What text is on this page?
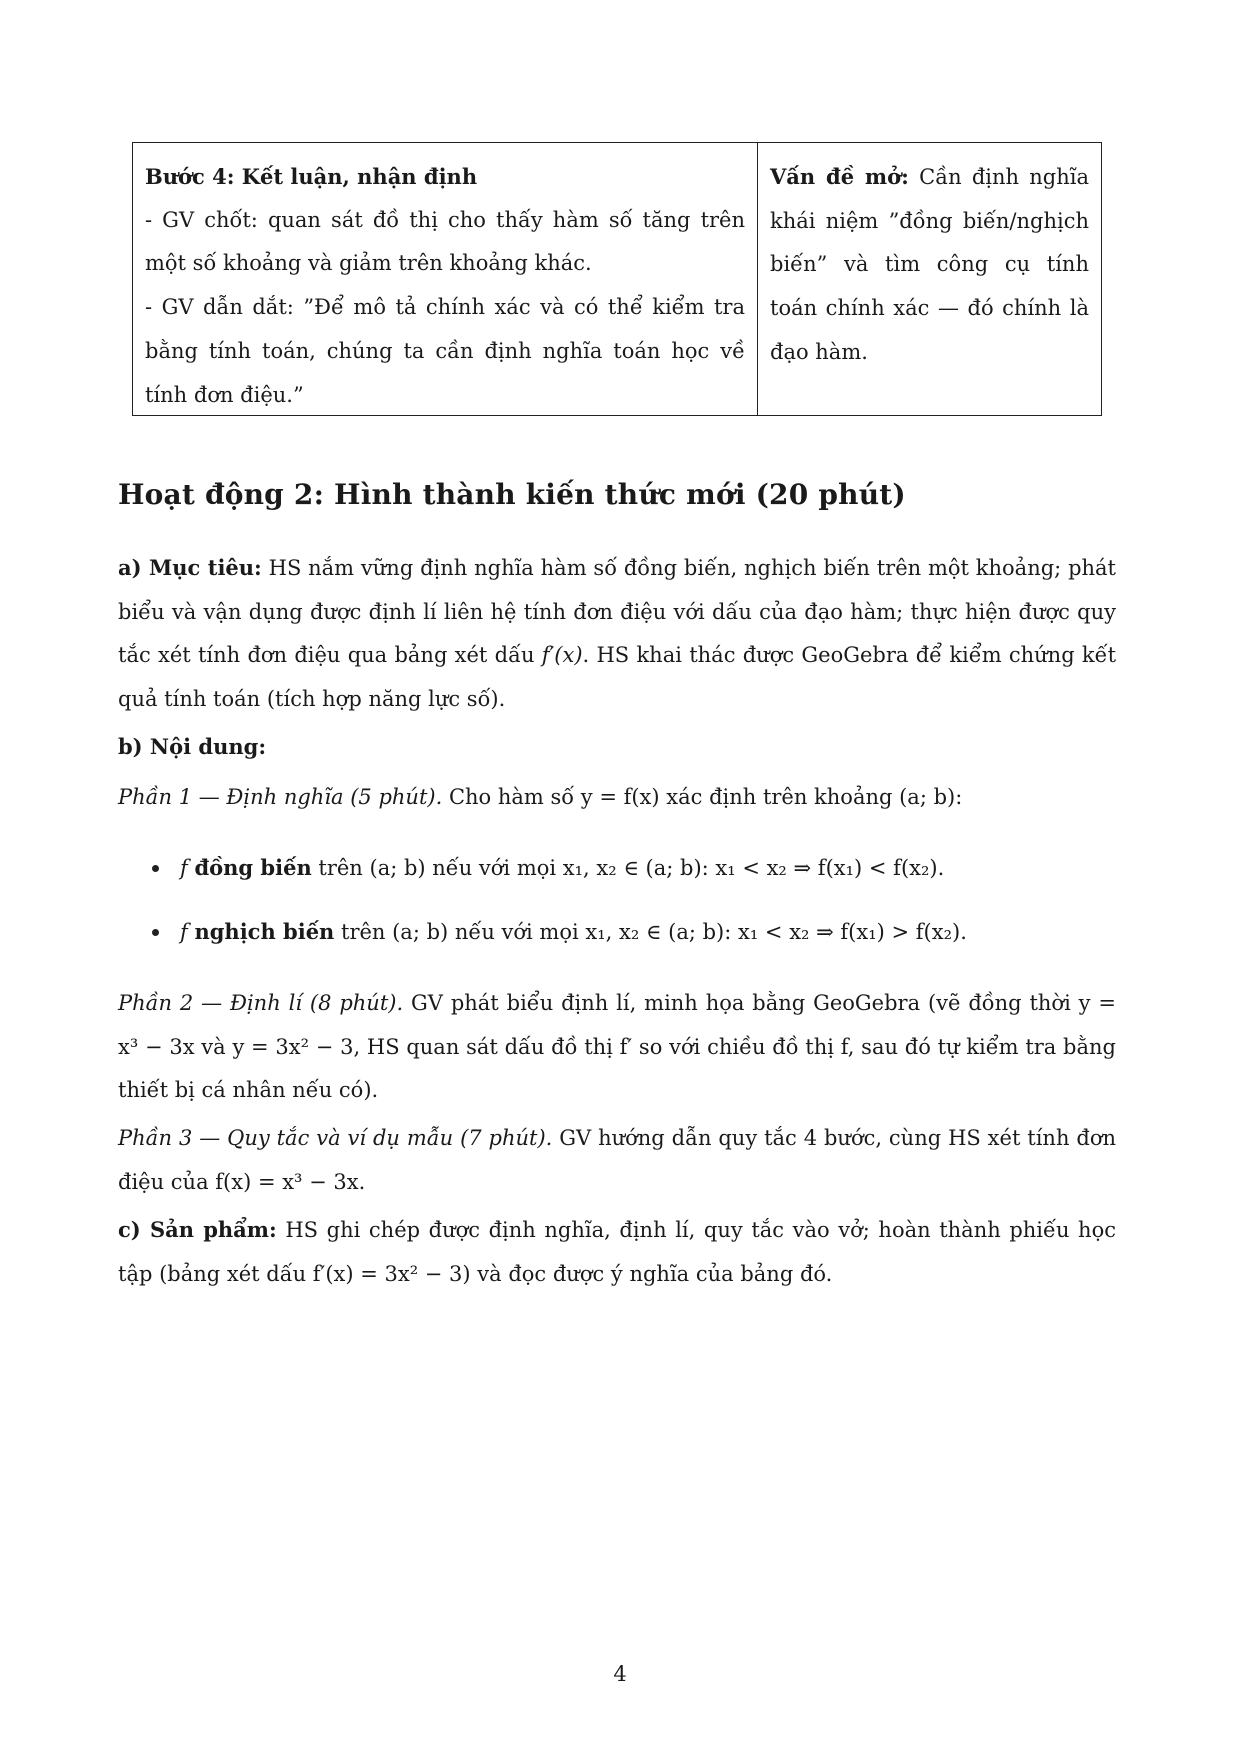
Bước 4: Kết luận, nhận định

- GV chốt: quan sát đồ thị cho thấy hàm số tăng trên một số khoảng và giảm trên khoảng khác.

- GV dẫn dắt: ”Để mô tả chính xác và có thể kiểm tra bằng tính toán, chúng ta cần định nghĩa toán học về tính đơn điệu.”

Vấn đề mở: Cần định nghĩa khái niệm ”đồng biến/nghịch biến” và tìm công cụ tính toán chính xác — đó chính là đạo hàm.

Hoạt động 2: Hình thành kiến thức mới (20 phút)

a) Mục tiêu: HS nắm vững định nghĩa hàm số đồng biến, nghịch biến trên một khoảng; phát biểu và vận dụng được định lí liên hệ tính đơn điệu với dấu của đạo hàm; thực hiện được quy tắc xét tính đơn điệu qua bảng xét dấu f′(x). HS khai thác được GeoGebra để kiểm chứng kết quả tính toán (tích hợp năng lực số).

b) Nội dung:

Phần 1 — Định nghĩa (5 phút). Cho hàm số y = f(x) xác định trên khoảng (a; b):

f đồng biến trên (a; b) nếu với mọi x₁, x₂ ∈ (a; b): x₁ < x₂ ⇒ f(x₁) < f(x₂).
f nghịch biến trên (a; b) nếu với mọi x₁, x₂ ∈ (a; b): x₁ < x₂ ⇒ f(x₁) > f(x₂).

Phần 2 — Định lí (8 phút). GV phát biểu định lí, minh họa bằng GeoGebra (vẽ đồng thời y = x³ − 3x và y = 3x² − 3, HS quan sát dấu đồ thị f′ so với chiều đồ thị f, sau đó tự kiểm tra bằng thiết bị cá nhân nếu có).

Phần 3 — Quy tắc và ví dụ mẫu (7 phút). GV hướng dẫn quy tắc 4 bước, cùng HS xét tính đơn điệu của f(x) = x³ − 3x.

c) Sản phẩm: HS ghi chép được định nghĩa, định lí, quy tắc vào vở; hoàn thành phiếu học tập (bảng xét dấu f′(x) = 3x² − 3) và đọc được ý nghĩa của bảng đó.

4
